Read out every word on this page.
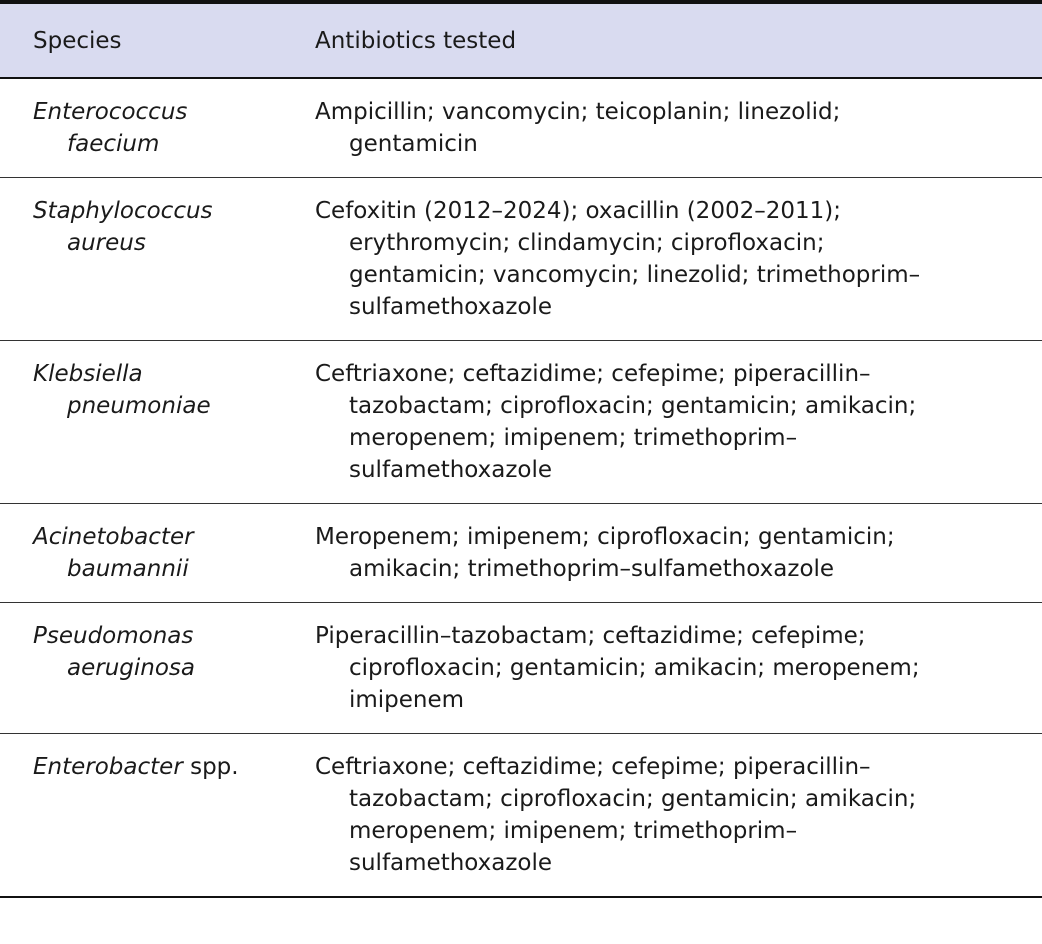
Species	Antibiotics tested
Enterococcus
faecium	Ampicillin; vancomycin; teicoplanin; linezolid;
gentamicin

Staphylococcus
aureus	Cefoxitin (2012–2024); oxacillin (2002–2011);
erythromycin; clindamycin; ciprofloxacin;
gentamicin; vancomycin; linezolid; trimethoprim–
sulfamethoxazole

Klebsiella
pneumoniae	Ceftriaxone; ceftazidime; cefepime; piperacillin–
tazobactam; ciprofloxacin; gentamicin; amikacin;
meropenem; imipenem; trimethoprim–
sulfamethoxazole

Acinetobacter
baumannii	Meropenem; imipenem; ciprofloxacin; gentamicin;
amikacin; trimethoprim–sulfamethoxazole

Pseudomonas
aeruginosa	Piperacillin–tazobactam; ceftazidime; cefepime;
ciprofloxacin; gentamicin; amikacin; meropenem;
imipenem

Enterobacter spp.	Ceftriaxone; ceftazidime; cefepime; piperacillin–
tazobactam; ciprofloxacin; gentamicin; amikacin;
meropenem; imipenem; trimethoprim–
sulfamethoxazole
